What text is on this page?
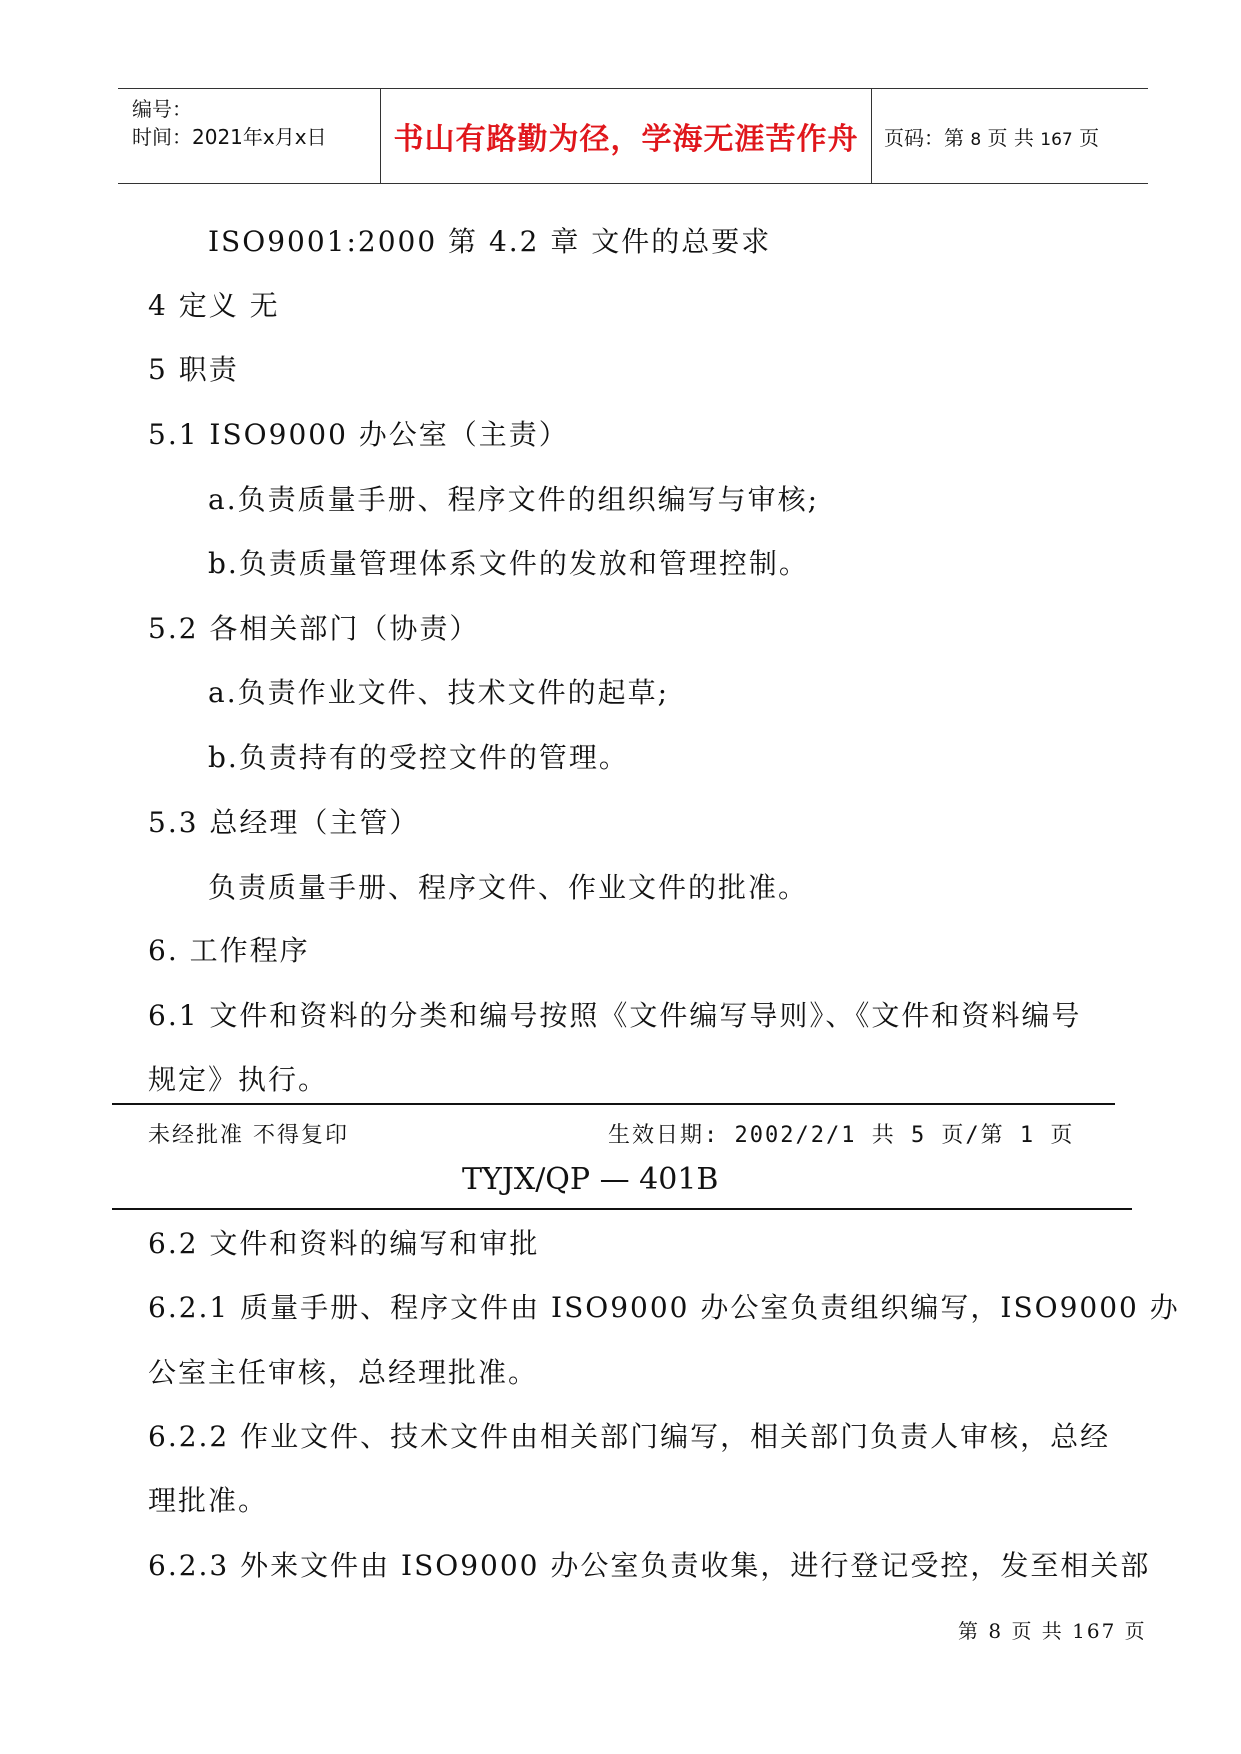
编号：
时间：2021年x月x日 书山有路勤为径，学海无涯苦作舟 页码：第 8 页 共 167 页
ISO9001:2000 第 4.2 章 文件的总要求
4 定义 无
5 职责
5.1 ISO9000 办公室（主责）
a.负责质量手册、程序文件的组织编写与审核;
b.负责质量管理体系文件的发放和管理控制。
5.2 各相关部门（协责）
a.负责作业文件、技术文件的起草;
b.负责持有的受控文件的管理。
5.3 总经理（主管）
负责质量手册、程序文件、作业文件的批准。
6. 工作程序
6.1 文件和资料的分类和编号按照《文件编写导则》、《文件和资料编号
规定》执行。
未经批准 不得复印	生效日期: 2002/2/1 共 5 页/第 1 页
TYJX/QP — 401B
6.2 文件和资料的编写和审批
6.2.1 质量手册、程序文件由 ISO9000 办公室负责组织编写，ISO9000 办
公室主任审核，总经理批准。
6.2.2 作业文件、技术文件由相关部门编写，相关部门负责人审核，总经
理批准。
6.2.3 外来文件由 ISO9000 办公室负责收集，进行登记受控，发至相关部
第 8 页 共 167 页
